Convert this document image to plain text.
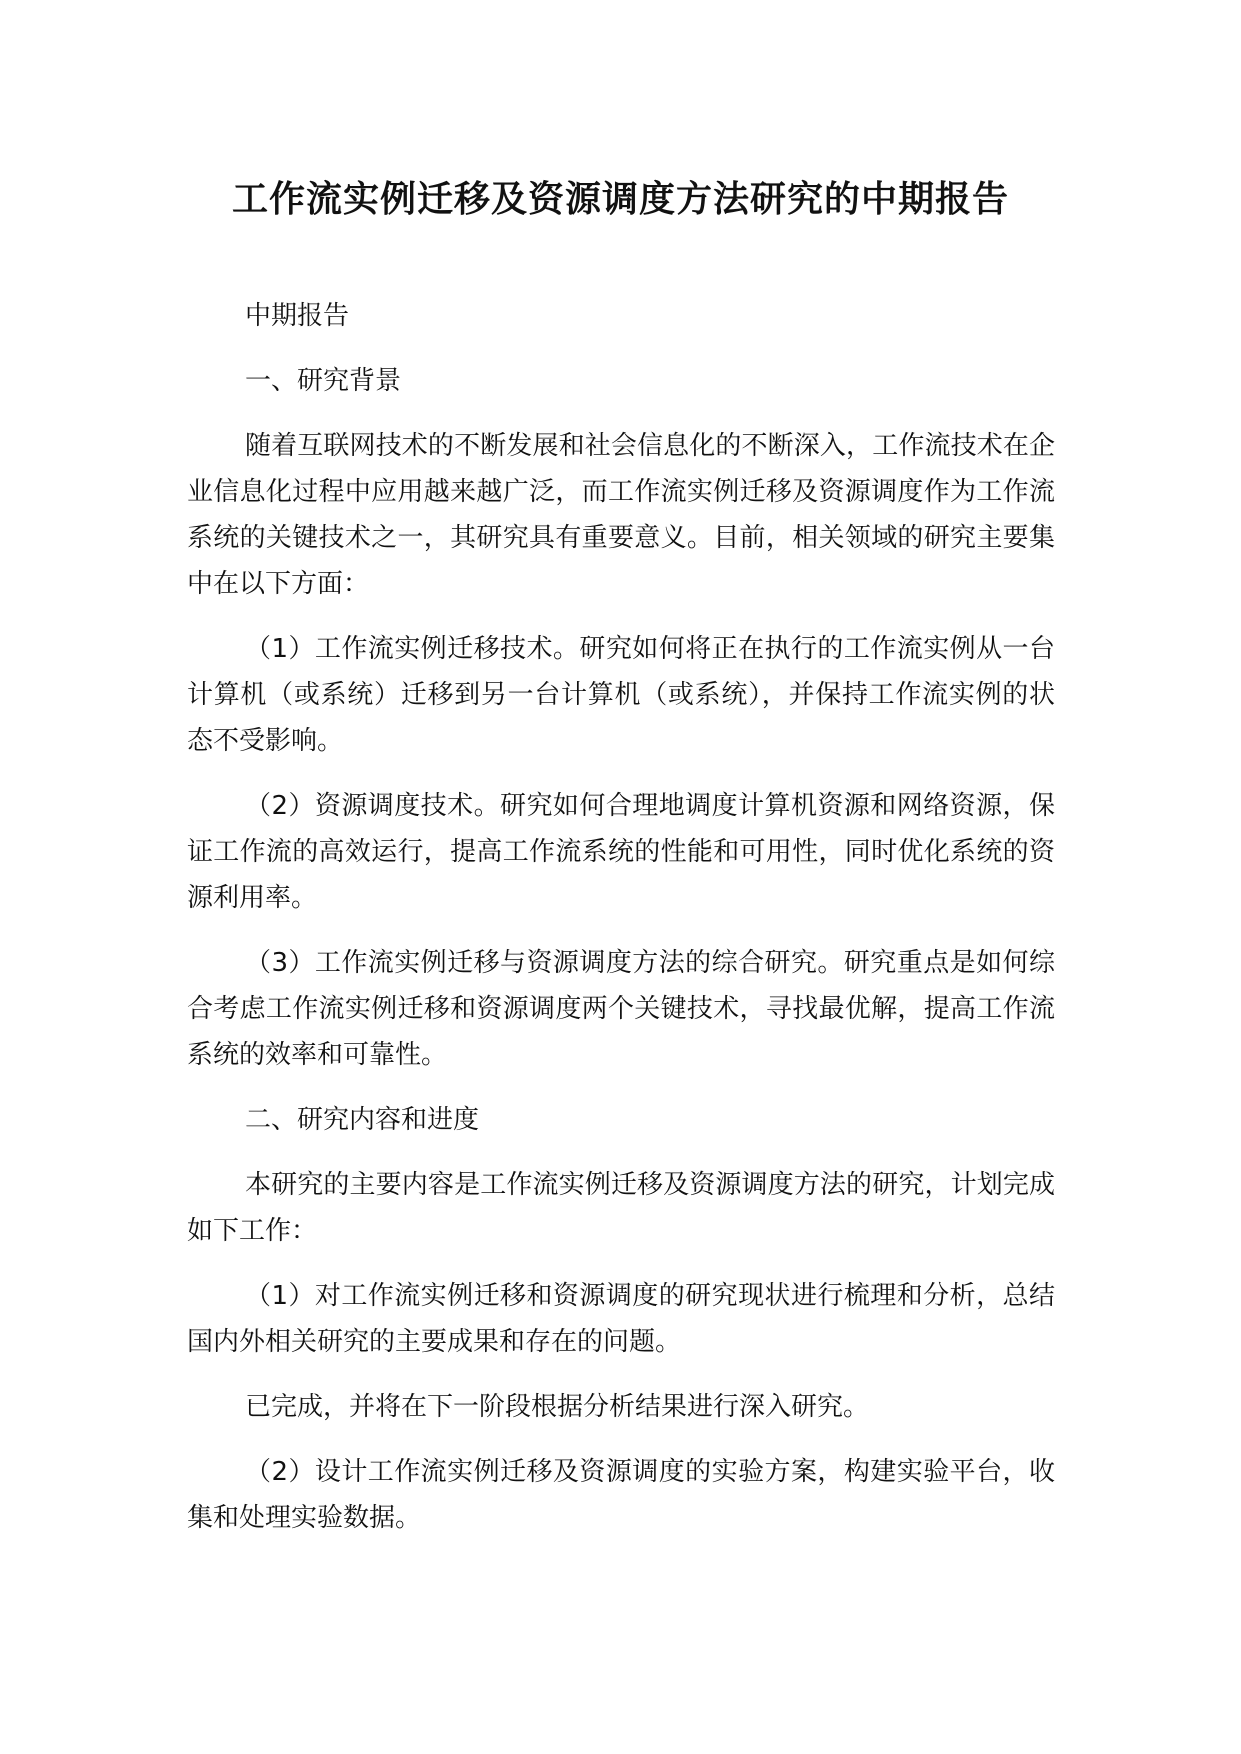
工作流实例迁移及资源调度方法研究的中期报告

中期报告

一、研究背景

随着互联网技术的不断发展和社会信息化的不断深入，工作流技术在企业信息化过程中应用越来越广泛，而工作流实例迁移及资源调度作为工作流系统的关键技术之一，其研究具有重要意义。目前，相关领域的研究主要集中在以下方面：

（1）工作流实例迁移技术。研究如何将正在执行的工作流实例从一台计算机（或系统）迁移到另一台计算机（或系统），并保持工作流实例的状态不受影响。

（2）资源调度技术。研究如何合理地调度计算机资源和网络资源，保证工作流的高效运行，提高工作流系统的性能和可用性，同时优化系统的资源利用率。

（3）工作流实例迁移与资源调度方法的综合研究。研究重点是如何综合考虑工作流实例迁移和资源调度两个关键技术，寻找最优解，提高工作流系统的效率和可靠性。

二、研究内容和进度

本研究的主要内容是工作流实例迁移及资源调度方法的研究，计划完成如下工作：

（1）对工作流实例迁移和资源调度的研究现状进行梳理和分析，总结国内外相关研究的主要成果和存在的问题。

已完成，并将在下一阶段根据分析结果进行深入研究。

（2）设计工作流实例迁移及资源调度的实验方案，构建实验平台，收集和处理实验数据。
